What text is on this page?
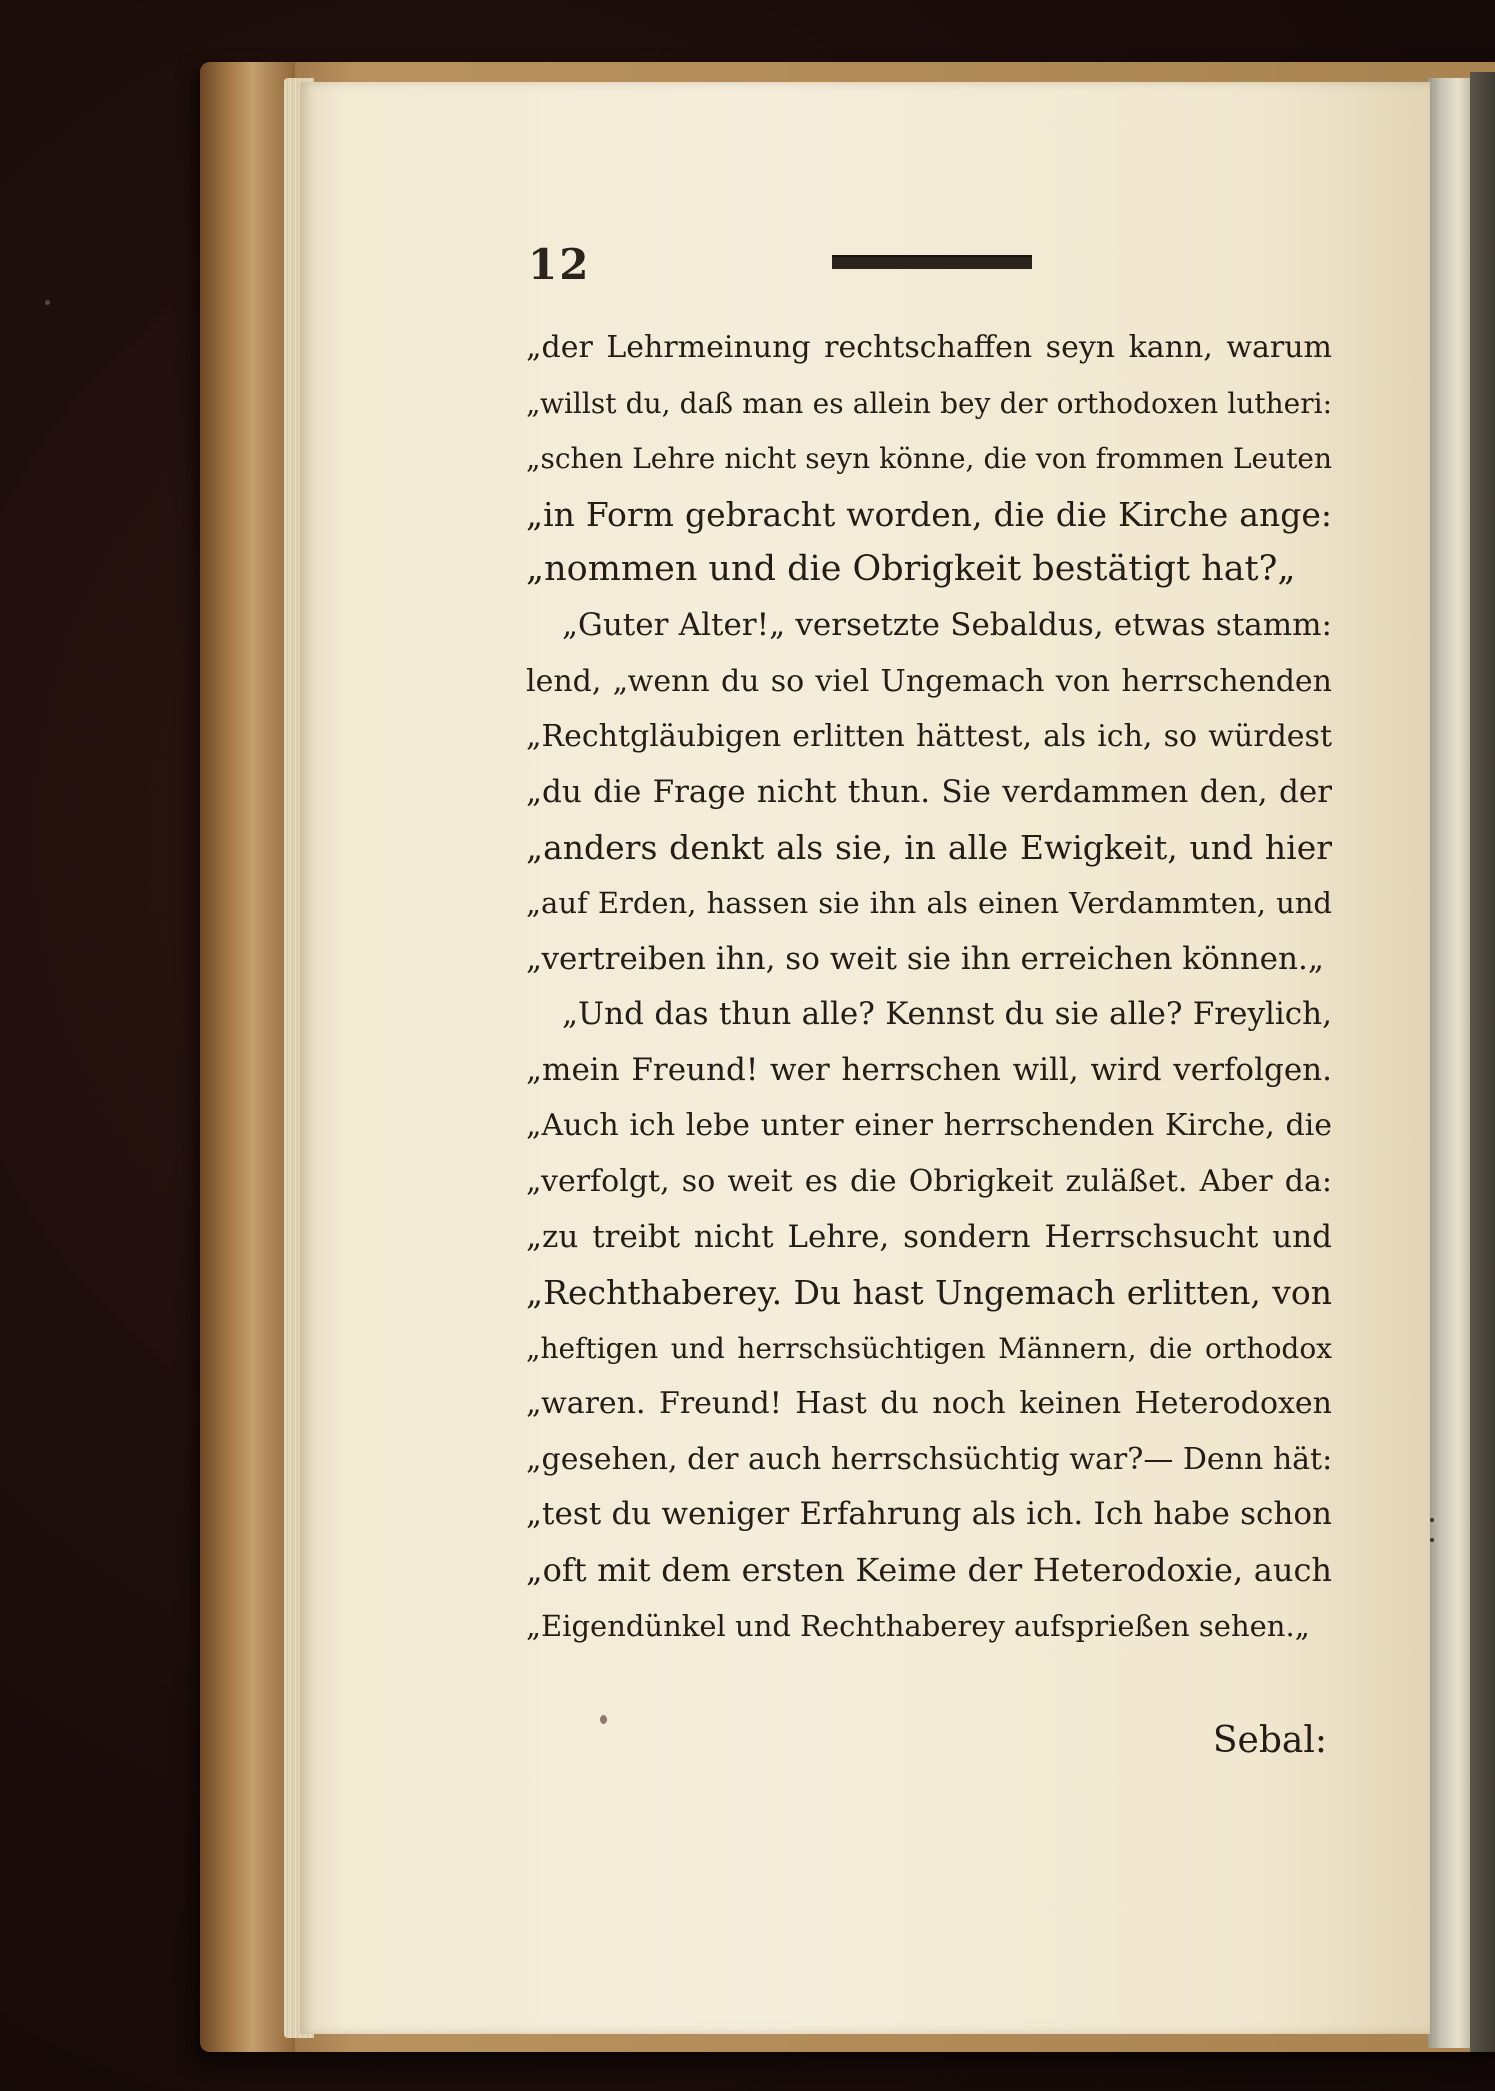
12
„der Lehrmeinung rechtschaffen seyn kann, warum
„willst du, daß man es allein bey der orthodoxen lutheri:
„schen Lehre nicht seyn könne, die von frommen Leuten
„in Form gebracht worden, die die Kirche ange:
„nommen und die Obrigkeit bestätigt hat?„
„Guter Alter!„ versetzte Sebaldus, etwas stamm:
lend, „wenn du so viel Ungemach von herrschenden
„Rechtgläubigen erlitten hättest, als ich, so würdest
„du die Frage nicht thun. Sie verdammen den, der
„anders denkt als sie, in alle Ewigkeit, und hier
„auf Erden, hassen sie ihn als einen Verdammten, und
„vertreiben ihn, so weit sie ihn erreichen können.„
„Und das thun alle? Kennst du sie alle? Freylich,
„mein Freund! wer herrschen will, wird verfolgen.
„Auch ich lebe unter einer herrschenden Kirche, die
„verfolgt, so weit es die Obrigkeit zuläßet. Aber da:
„zu treibt nicht Lehre, sondern Herrschsucht und
„Rechthaberey. Du hast Ungemach erlitten, von
„heftigen und herrschsüchtigen Männern, die orthodox
„waren. Freund! Hast du noch keinen Heterodoxen
„gesehen, der auch herrschsüchtig war?— Denn hät:
„test du weniger Erfahrung als ich. Ich habe schon
„oft mit dem ersten Keime der Heterodoxie, auch
„Eigendünkel und Rechthaberey aufsprießen sehen.„
Sebal:
